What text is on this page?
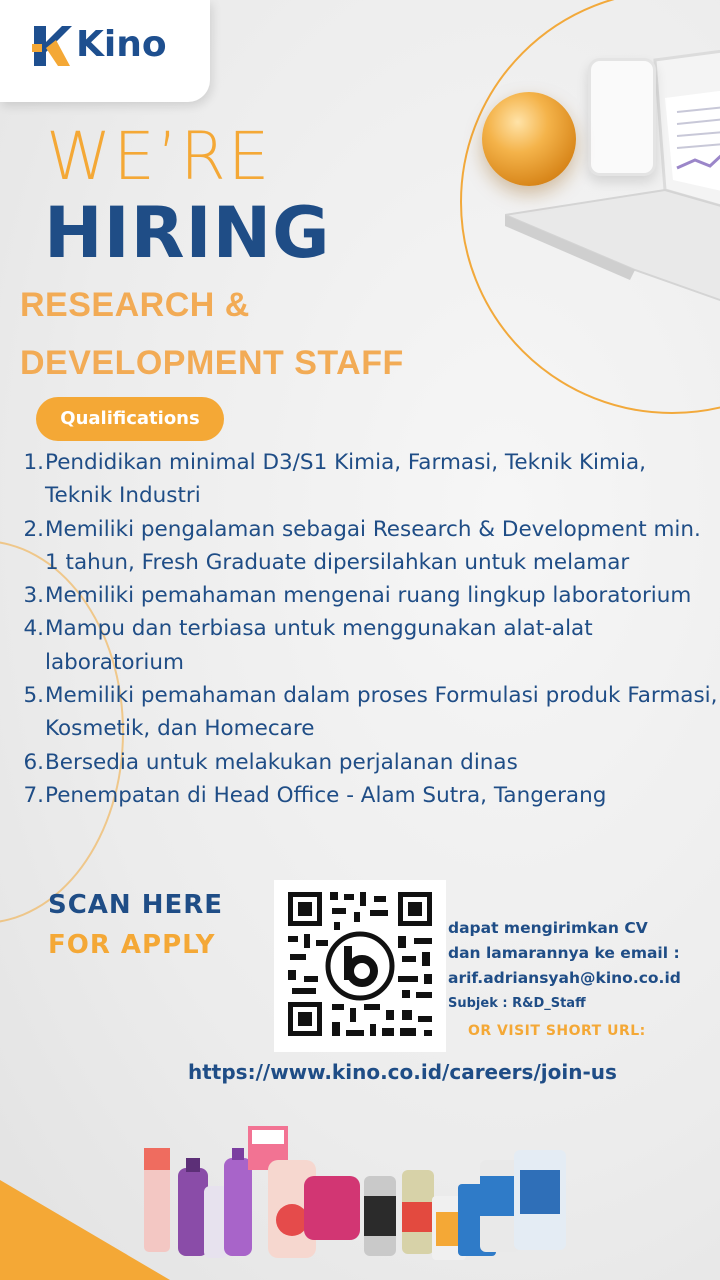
Kino
WE’RE
HIRING
RESEARCH &
DEVELOPMENT STAFF
Qualifications
1. Pendidikan minimal D3/S1 Kimia, Farmasi, Teknik Kimia, Teknik Industri
2. Memiliki pengalaman sebagai Research & Development min. 1 tahun, Fresh Graduate dipersilahkan untuk melamar
3. Memiliki pemahaman mengenai ruang lingkup laboratorium
4. Mampu dan terbiasa untuk menggunakan alat-alat laboratorium
5. Memiliki pemahaman dalam proses Formulasi produk Farmasi, Kosmetik, dan Homecare
6. Bersedia untuk melakukan perjalanan dinas
7. Penempatan di Head Office - Alam Sutra, Tangerang
SCAN HERE
FOR APPLY
dapat mengirimkan CV
dan lamarannya ke email :
arif.adriansyah@kino.co.id
Subjek : R&D_Staff
OR VISIT SHORT URL:
https://www.kino.co.id/careers/join-us
